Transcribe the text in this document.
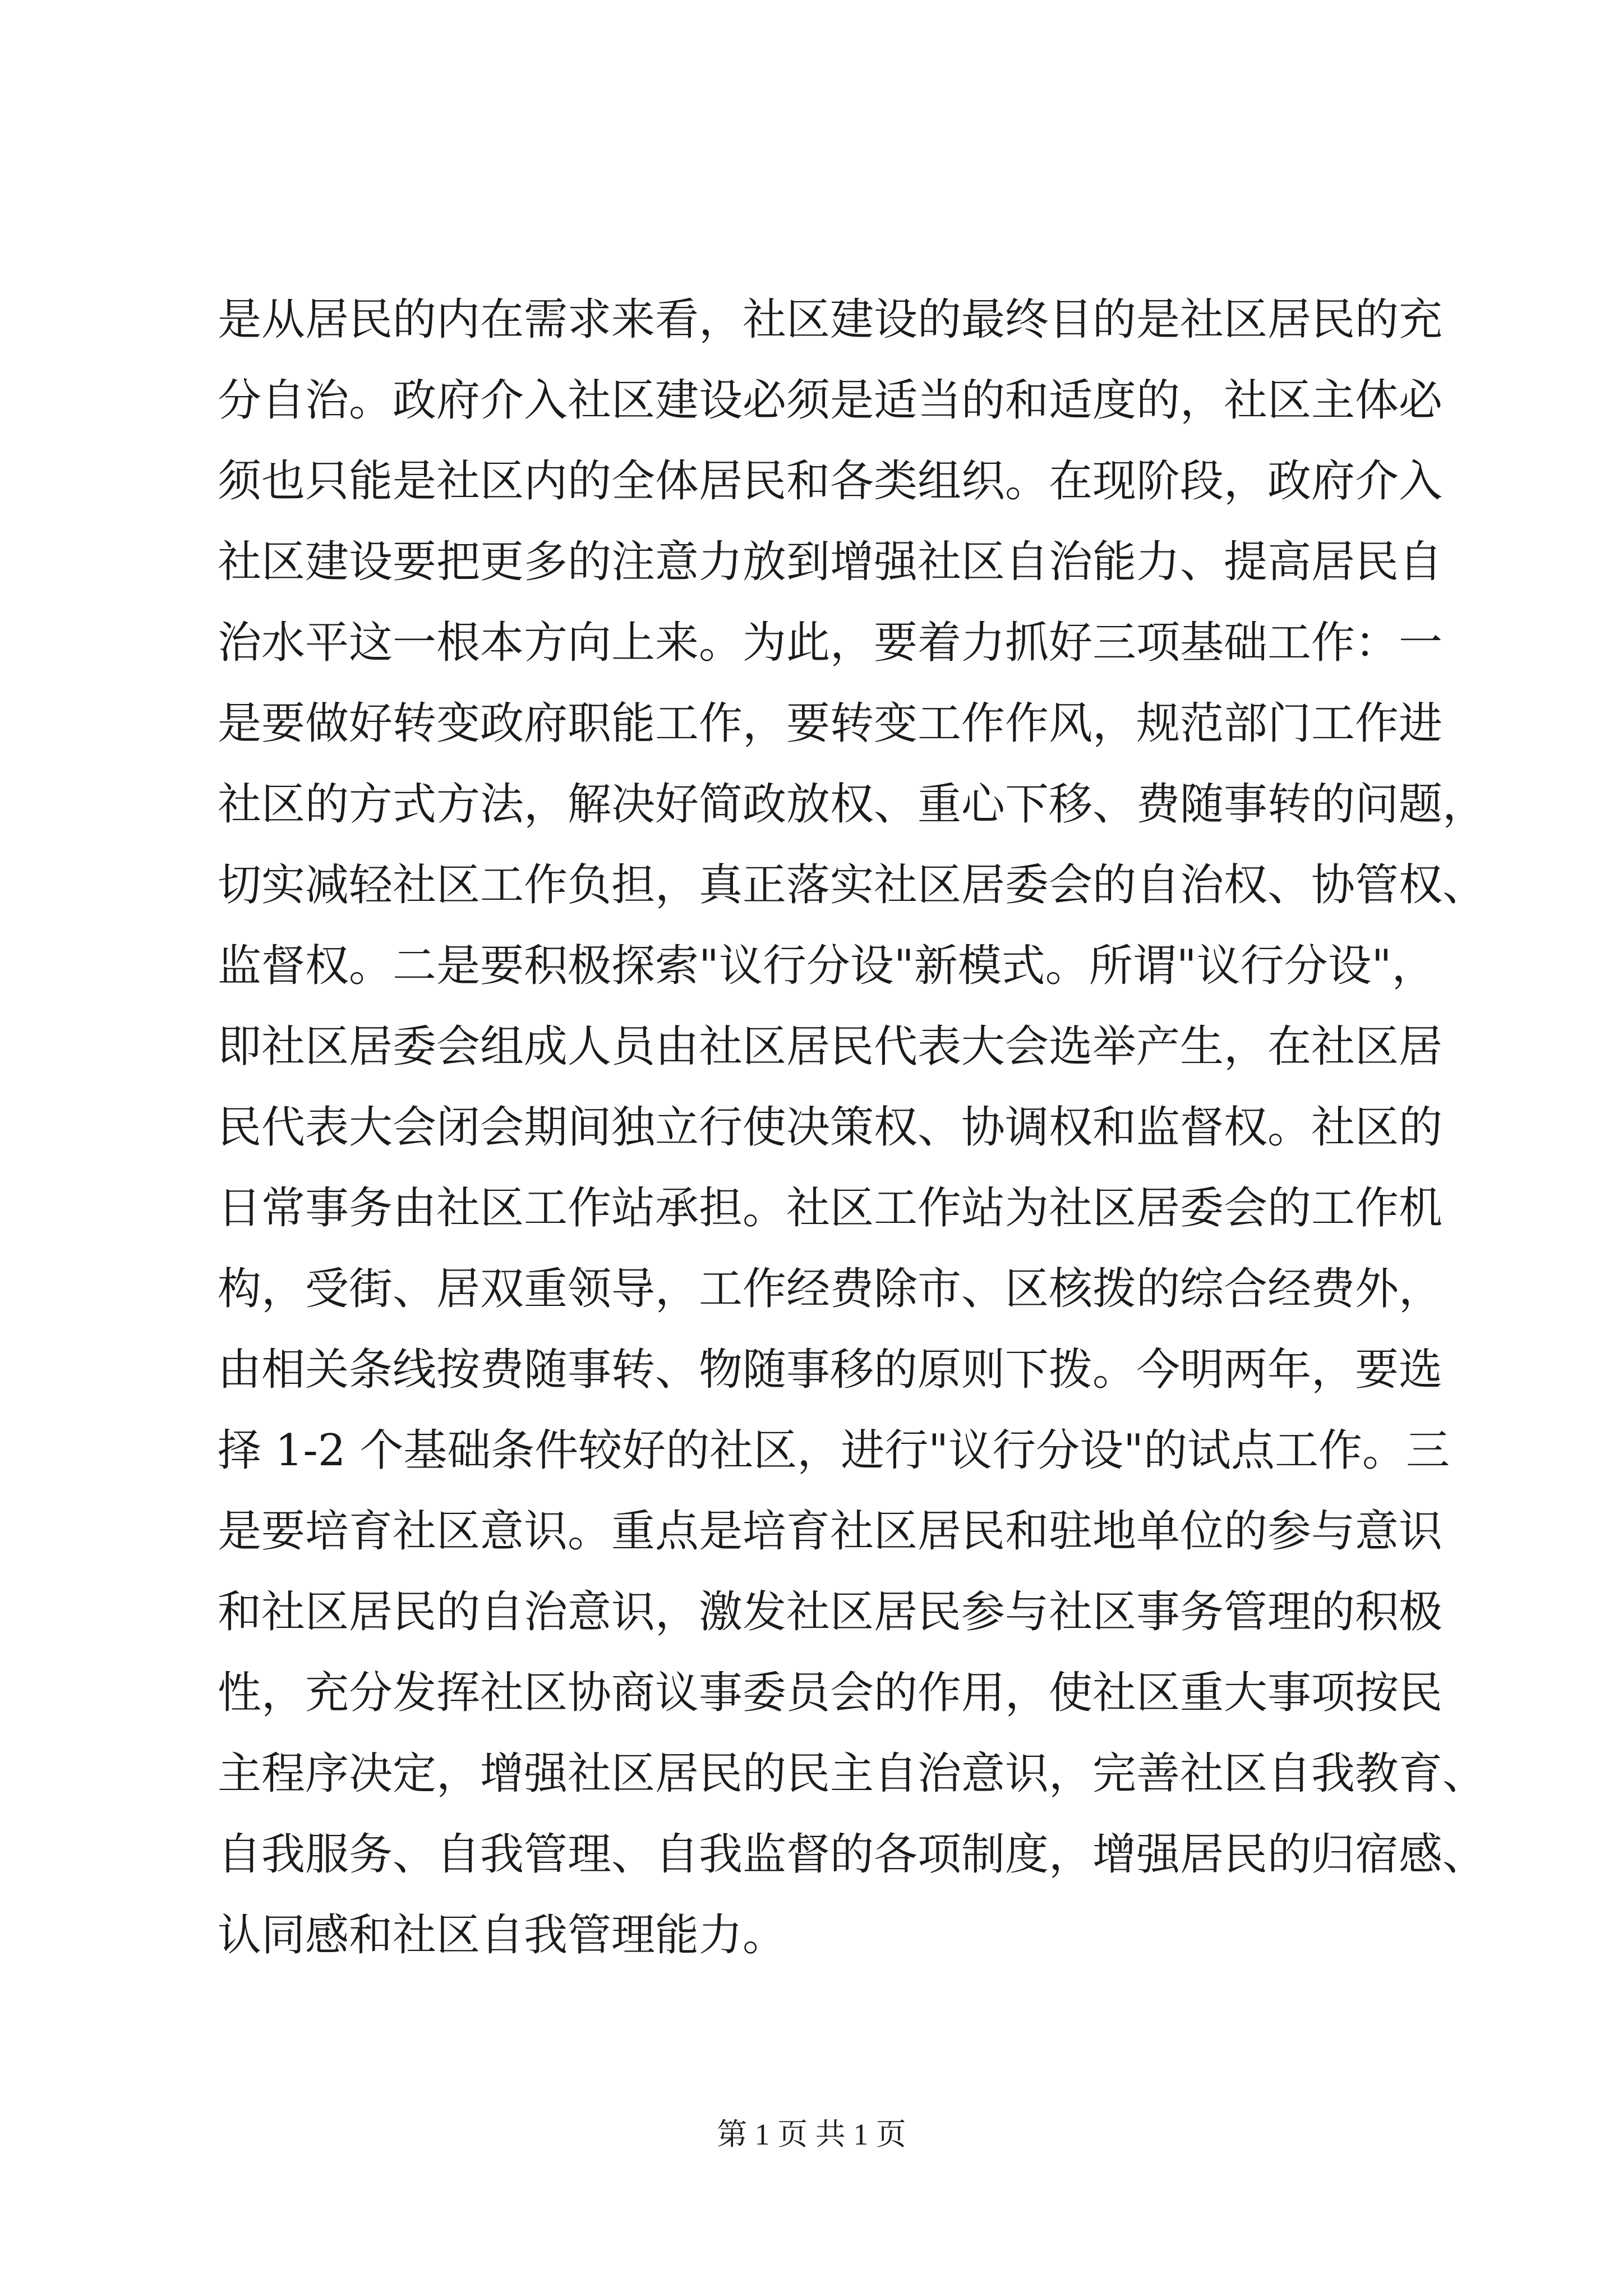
是从居民的内在需求来看，社区建设的最终目的是社区居民的充
分自治。政府介入社区建设必须是适当的和适度的，社区主体必
须也只能是社区内的全体居民和各类组织。在现阶段，政府介入
社区建设要把更多的注意力放到增强社区自治能力、提高居民自
治水平这一根本方向上来。为此，要着力抓好三项基础工作：一
是要做好转变政府职能工作，要转变工作作风，规范部门工作进
社区的方式方法，解决好简政放权、重心下移、费随事转的问题，
切实减轻社区工作负担，真正落实社区居委会的自治权、协管权、
监督权。二是要积极探索"议行分设"新模式。所谓"议行分设"，
即社区居委会组成人员由社区居民代表大会选举产生，在社区居
民代表大会闭会期间独立行使决策权、协调权和监督权。社区的
日常事务由社区工作站承担。社区工作站为社区居委会的工作机
构，受街、居双重领导，工作经费除市、区核拨的综合经费外，
由相关条线按费随事转、物随事移的原则下拨。今明两年，要选
择 1-2 个基础条件较好的社区，进行"议行分设"的试点工作。三
是要培育社区意识。重点是培育社区居民和驻地单位的参与意识
和社区居民的自治意识，激发社区居民参与社区事务管理的积极
性，充分发挥社区协商议事委员会的作用，使社区重大事项按民
主程序决定，增强社区居民的民主自治意识，完善社区自我教育、
自我服务、自我管理、自我监督的各项制度，增强居民的归宿感、
认同感和社区自我管理能力。
第 1 页 共 1 页
